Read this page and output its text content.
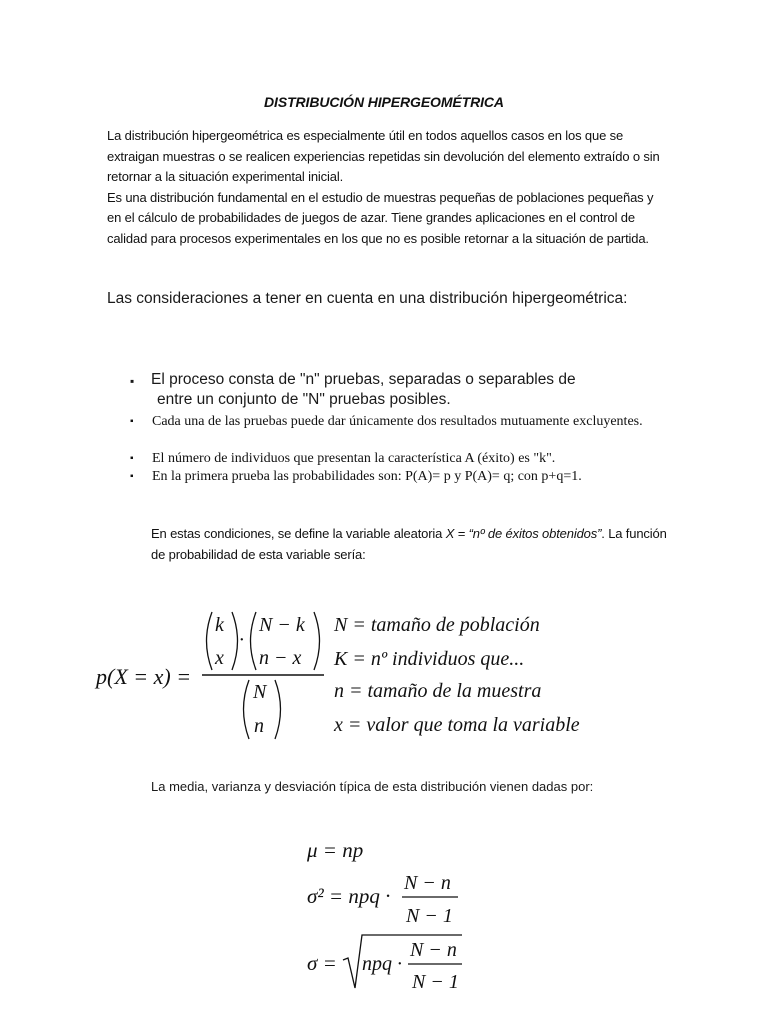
DISTRIBUCIÓN HIPERGEOMÉTRICA

La distribución hipergeométrica es especialmente útil en todos aquellos casos en los que se extraigan muestras o se realicen experiencias repetidas sin devolución del elemento extraído o sin retornar a la situación experimental inicial.

Es una distribución fundamental en el estudio de muestras pequeñas de poblaciones pequeñas y en el cálculo de probabilidades de juegos de azar. Tiene grandes aplicaciones en el control de calidad para procesos experimentales en los que no es posible retornar a la situación de partida.

Las consideraciones a tener en cuenta en una distribución hipergeométrica:
▪	El proceso consta de "n" pruebas, separadas o separables de
entre un conjunto de "N" pruebas posibles.
▪	Cada una de las pruebas puede dar únicamente dos resultados mutuamente excluyentes.
▪	El número de individuos que presentan la característica A (éxito) es "k".
▪	En la primera prueba las probabilidades son: P(A)= p y P(A)= q; con p+q=1.

En estas condiciones, se define la variable aleatoria X = “nº de éxitos obtenidos”. La función de probabilidad de esta variable sería:

p(X = x) =
k
x
·
N − k
n − x
N
n
N = tamaño de población
K = nº individuos que...
n = tamaño de la muestra
x = valor que toma la variable
La media, varianza y desviación típica de esta distribución vienen dadas por:
μ = np
σ² = npq ·
N − n
N − 1
σ = npq ·
N − n
N − 1
